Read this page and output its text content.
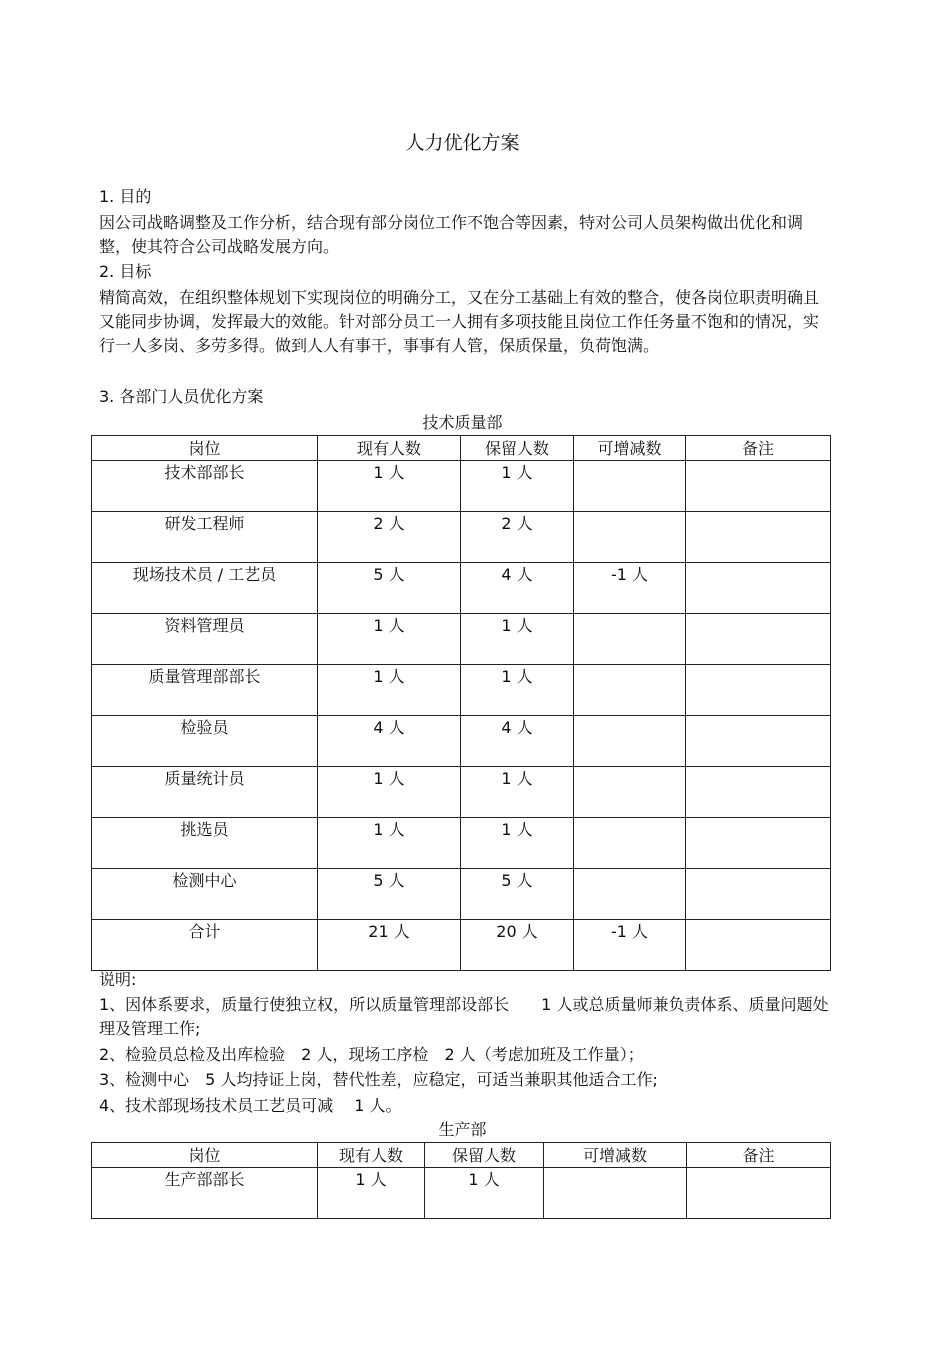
人力优化方案
1. 目的

因公司战略调整及工作分析，结合现有部分岗位工作不饱合等因素，特对公司人员架构做出优化和调整，使其符合公司战略发展方向。

2. 目标

精简高效，在组织整体规划下实现岗位的明确分工，又在分工基础上有效的整合，使各岗位职责明确且又能同步协调，发挥最大的效能。针对部分员工一人拥有多项技能且岗位工作任务量不饱和的情况，实行一人多岗、多劳多得。做到人人有事干，事事有人管，保质保量，负荷饱满。

3. 各部门人员优化方案
技术质量部
岗位	现有人数	保留人数	可增减数	备注
技术部部长	1 人	1 人		
研发工程师	2 人	2 人		
现场技术员 / 工艺员	5 人	4 人	-1 人	
资料管理员	1 人	1 人		
质量管理部部长	1 人	1 人		
检验员	4 人	4 人		
质量统计员	1 人	1 人		
挑选员	1 人	1 人		
检测中心	5 人	5 人		
合计	21 人	20 人	-1 人	
说明:

1、因体系要求，质量行使独立权，所以质量管理部设部长　　1 人或总质量师兼负责体系、质量问题处理及管理工作;

2、检验员总检及出库检验　2 人，现场工序检　2 人（考虑加班及工作量）；

3、检测中心　5 人均持证上岗，替代性差，应稳定，可适当兼职其他适合工作;

4、技术部现场技术员工艺员可减　 1 人。

生产部
岗位	现有人数	保留人数	可增减数	备注
生产部部长	1 人	1 人		
